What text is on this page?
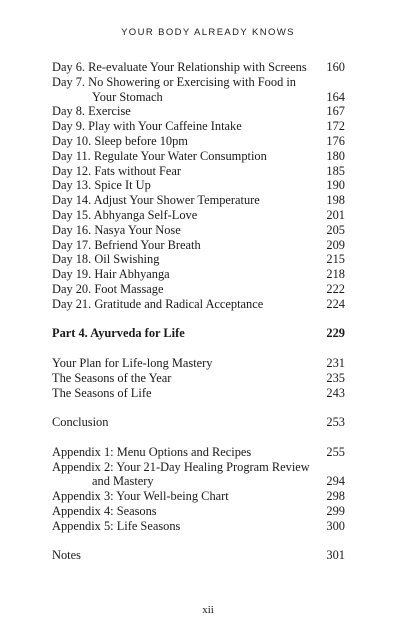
YOUR BODY ALREADY KNOWS
Day 6. Re-evaluate Your Relationship with Screens	160
Day 7. No Showering or Exercising with Food in
Your Stomach	164
Day 8. Exercise	167
Day 9. Play with Your Caffeine Intake	172
Day 10. Sleep before 10pm	176
Day 11. Regulate Your Water Consumption	180
Day 12. Fats without Fear	185
Day 13. Spice It Up	190
Day 14. Adjust Your Shower Temperature	198
Day 15. Abhyanga Self-Love	201
Day 16. Nasya Your Nose	205
Day 17. Befriend Your Breath	209
Day 18. Oil Swishing	215
Day 19. Hair Abhyanga	218
Day 20. Foot Massage	222
Day 21. Gratitude and Radical Acceptance	224
Part 4. Ayurveda for Life	229
Your Plan for Life-long Mastery	231
The Seasons of the Year	235
The Seasons of Life	243
Conclusion	253
Appendix 1: Menu Options and Recipes	255
Appendix 2: Your 21-Day Healing Program Review
and Mastery	294
Appendix 3: Your Well-being Chart	298
Appendix 4: Seasons	299
Appendix 5: Life Seasons	300
Notes	301
xii
